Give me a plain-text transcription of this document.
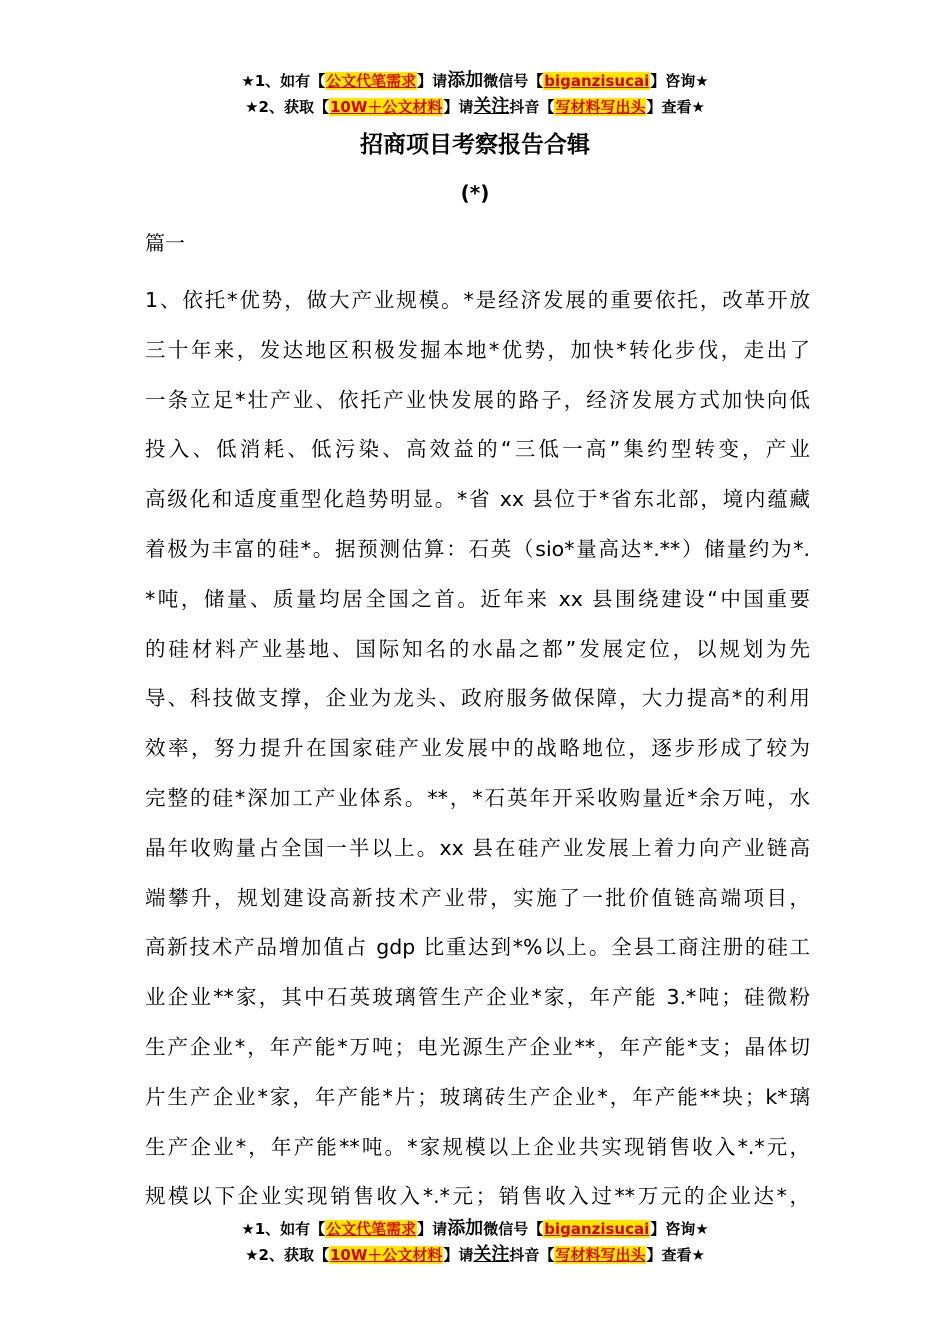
★1、如有【公文代笔需求】请添加微信号【biganzisucai】咨询★
★2、获取【10W＋公文材料】请关注抖音【写材料写出头】查看★
招商项目考察报告合辑
(*)
篇一
1、依托*优势，做大产业规模。*是经济发展的重要依托，改革开放
三十年来，发达地区积极发掘本地*优势，加快*转化步伐，走出了
一条立足*壮产业、依托产业快发展的路子，经济发展方式加快向低
投入、低消耗、低污染、高效益的“三低一高”集约型转变，产业
高级化和适度重型化趋势明显。*省 xx 县位于*省东北部，境内蕴藏
着极为丰富的硅*。据预测估算：石英（sio*量高达*.**）储量约为*.
*吨，储量、质量均居全国之首。近年来 xx 县围绕建设“中国重要
的硅材料产业基地、国际知名的水晶之都”发展定位，以规划为先
导、科技做支撑，企业为龙头、政府服务做保障，大力提高*的利用
效率，努力提升在国家硅产业发展中的战略地位，逐步形成了较为
完整的硅*深加工产业体系。**，*石英年开采收购量近*余万吨，水
晶年收购量占全国一半以上。xx 县在硅产业发展上着力向产业链高
端攀升，规划建设高新技术产业带，实施了一批价值链高端项目，
高新技术产品增加值占 gdp 比重达到*%以上。全县工商注册的硅工
业企业**家，其中石英玻璃管生产企业*家，年产能 3.*吨；硅微粉
生产企业*，年产能*万吨；电光源生产企业**，年产能*支；晶体切
片生产企业*家，年产能*片；玻璃砖生产企业*，年产能**块；k*璃
生产企业*，年产能**吨。*家规模以上企业共实现销售收入*.*元，
规模以下企业实现销售收入*.*元；销售收入过**万元的企业达*，
★1、如有【公文代笔需求】请添加微信号【biganzisucai】咨询★
★2、获取【10W＋公文材料】请关注抖音【写材料写出头】查看★
